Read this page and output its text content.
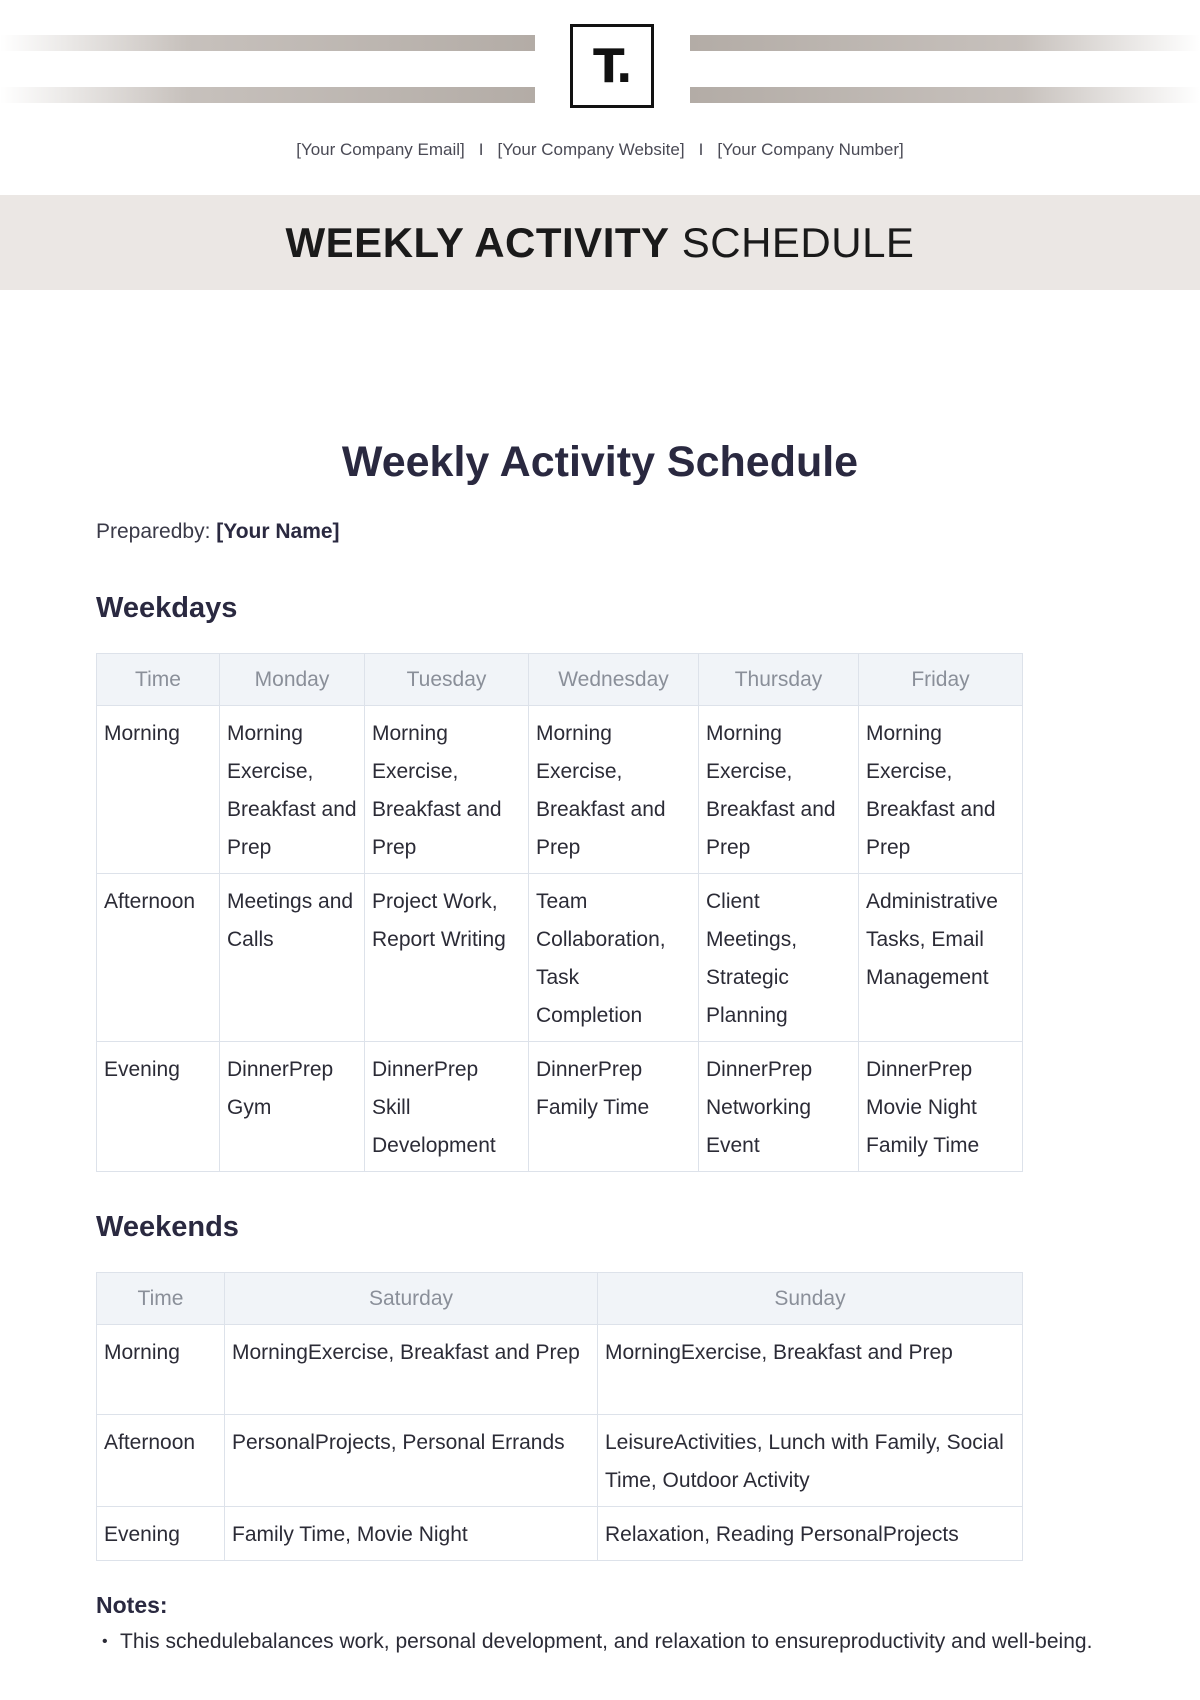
T.
[Your Company Email] I [Your Company Website] I [Your Company Number]
WEEKLY ACTIVITY SCHEDULE
Weekly Activity Schedule
Preparedby: [Your Name]
Weekdays
Time	Monday	Tuesday	Wednesday	Thursday	Friday
Morning	Morning Exercise, Breakfast and Prep	Morning Exercise, Breakfast and Prep	Morning Exercise, Breakfast and Prep	Morning Exercise, Breakfast and Prep	Morning Exercise, Breakfast and Prep
Afternoon	Meetings and Calls	Project Work, Report Writing	Team Collaboration, Task Completion	Client Meetings, Strategic Planning	Administrative Tasks, Email Management
Evening	DinnerPrep Gym	DinnerPrep Skill Development	DinnerPrep Family Time	DinnerPrep Networking Event	DinnerPrep Movie Night Family Time
Weekends
Time	Saturday	Sunday
Morning	MorningExercise, Breakfast and Prep	MorningExercise, Breakfast and Prep
Afternoon	PersonalProjects, Personal Errands	LeisureActivities, Lunch with Family, Social Time, Outdoor Activity
Evening	Family Time, Movie Night	Relaxation, Reading PersonalProjects
Notes:
• This schedulebalances work, personal development, and relaxation to ensureproductivity and well-being.
